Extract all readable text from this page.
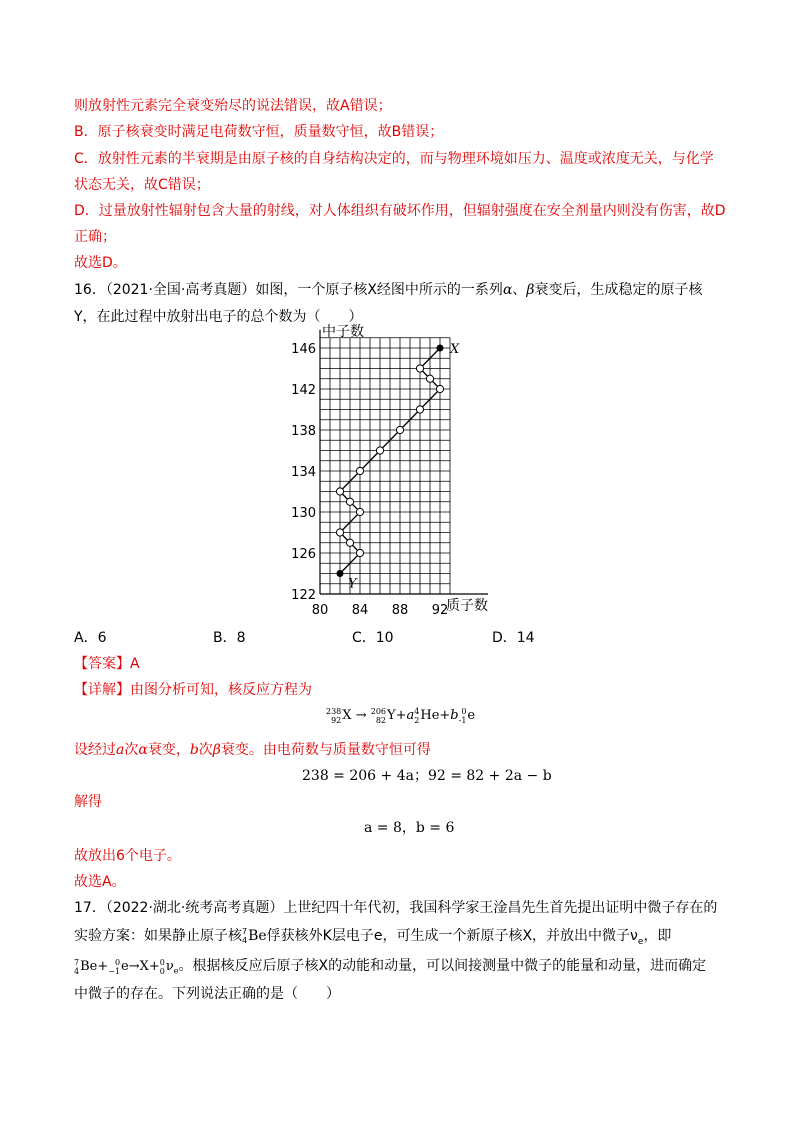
则放射性元素完全衰变殆尽的说法错误，故A错误；
B．原子核衰变时满足电荷数守恒，质量数守恒，故B错误；
C．放射性元素的半衰期是由原子核的自身结构决定的，而与物理环境如压力、温度或浓度无关，与化学
状态无关，故C错误；
D．过量放射性辐射包含大量的射线，对人体组织有破坏作用，但辐射强度在安全剂量内则没有伤害，故D
正确；
故选D。
16．（2021·全国·高考真题）如图，一个原子核X经图中所示的一系列α、β衰变后，生成稳定的原子核
Y，在此过程中放射出电子的总个数为（　　）
80 84 88 92
122
126
130
134
138
142
146
中子数
质子数
X
Y
A．6	B．8	C．10	D．14
【答案】A
【详解】由图分析可知，核反应方程为
238
92 X → 206
82 Y+a 4
2 He+b 0
-1 e
设经过a次α衰变，b次β衰变。由电荷数与质量数守恒可得
238 = 206 + 4a；92 = 82 + 2a − b
解得
a = 8，b = 6
故放出6个电子。
故选A。
17．（2022·湖北·统考高考真题）上世纪四十年代初，我国科学家王淦昌先生首先提出证明中微子存在的
实验方案：如果静止原子核 7
4 Be俘获核外K层电子e，可生成一个新原子核X，并放出中微子$\nu_e$，即
7
4 Be+ 0
−1 e→X+ 0
0 $\nu_e$。根据核反应后原子核X的动能和动量，可以间接测量中微子的能量和动量，进而确定
中微子的存在。下列说法正确的是（　　）
